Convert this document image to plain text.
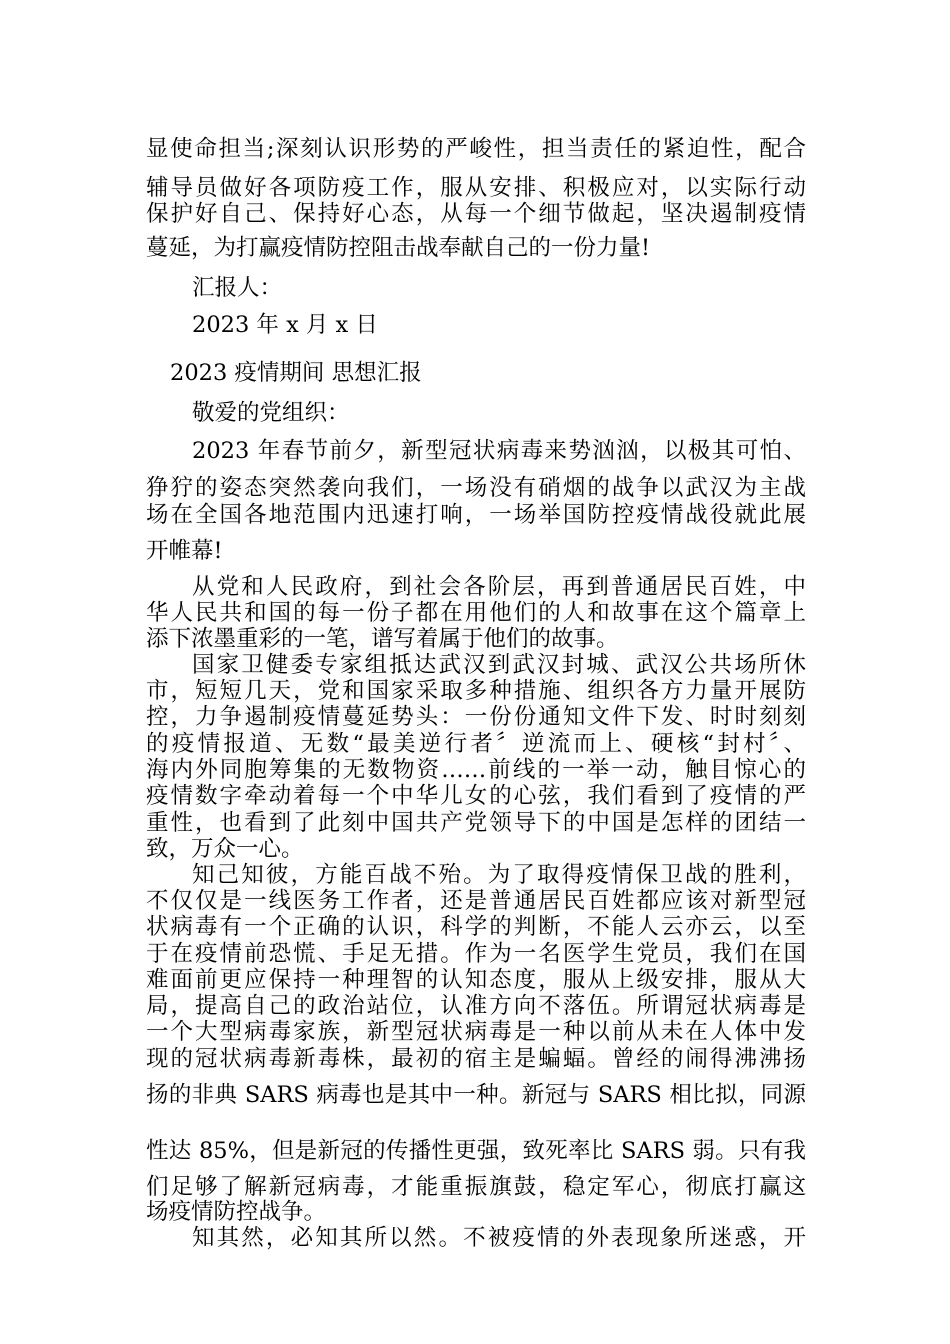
显使命担当;深刻认识形势的严峻性，担当责任的紧迫性，配合
辅导员做好各项防疫工作，服从安排、积极应对，以实际行动
保护好自己、保持好心态，从每一个细节做起，坚决遏制疫情
蔓延，为打赢疫情防控阻击战奉献自己的一份力量!
汇报人：
2023 年 x 月 x 日
2023 疫情期间 思想汇报
敬爱的党组织：
2023 年春节前夕，新型冠状病毒来势汹汹，以极其可怕、
狰狞的姿态突然袭向我们，一场没有硝烟的战争以武汉为主战
场在全国各地范围内迅速打响，一场举国防控疫情战役就此展
开帷幕!
从党和人民政府，到社会各阶层，再到普通居民百姓，中
华人民共和国的每一份子都在用他们的人和故事在这个篇章上
添下浓墨重彩的一笔，谱写着属于他们的故事。
国家卫健委专家组抵达武汉到武汉封城、武汉公共场所休
市，短短几天，党和国家采取多种措施、组织各方力量开展防
控，力争遏制疫情蔓延势头：一份份通知文件下发、时时刻刻
的疫情报道、无数“最美逆行者〞逆流而上、硬核“封村〞、
海内外同胞筹集的无数物资……前线的一举一动，触目惊心的
疫情数字牵动着每一个中华儿女的心弦，我们看到了疫情的严
重性，也看到了此刻中国共产党领导下的中国是怎样的团结一
致，万众一心。
知己知彼，方能百战不殆。为了取得疫情保卫战的胜利，
不仅仅是一线医务工作者，还是普通居民百姓都应该对新型冠
状病毒有一个正确的认识，科学的判断，不能人云亦云，以至
于在疫情前恐慌、手足无措。作为一名医学生党员，我们在国
难面前更应保持一种理智的认知态度，服从上级安排，服从大
局，提高自己的政治站位，认准方向不落伍。所谓冠状病毒是
一个大型病毒家族，新型冠状病毒是一种以前从未在人体中发
现的冠状病毒新毒株，最初的宿主是蝙蝠。曾经的闹得沸沸扬
扬的非典 SARS 病毒也是其中一种。新冠与 SARS 相比拟，同源
性达 85%，但是新冠的传播性更强，致死率比 SARS 弱。只有我
们足够了解新冠病毒，才能重振旗鼓，稳定军心，彻底打赢这
场疫情防控战争。
知其然，必知其所以然。不被疫情的外表现象所迷惑，开
